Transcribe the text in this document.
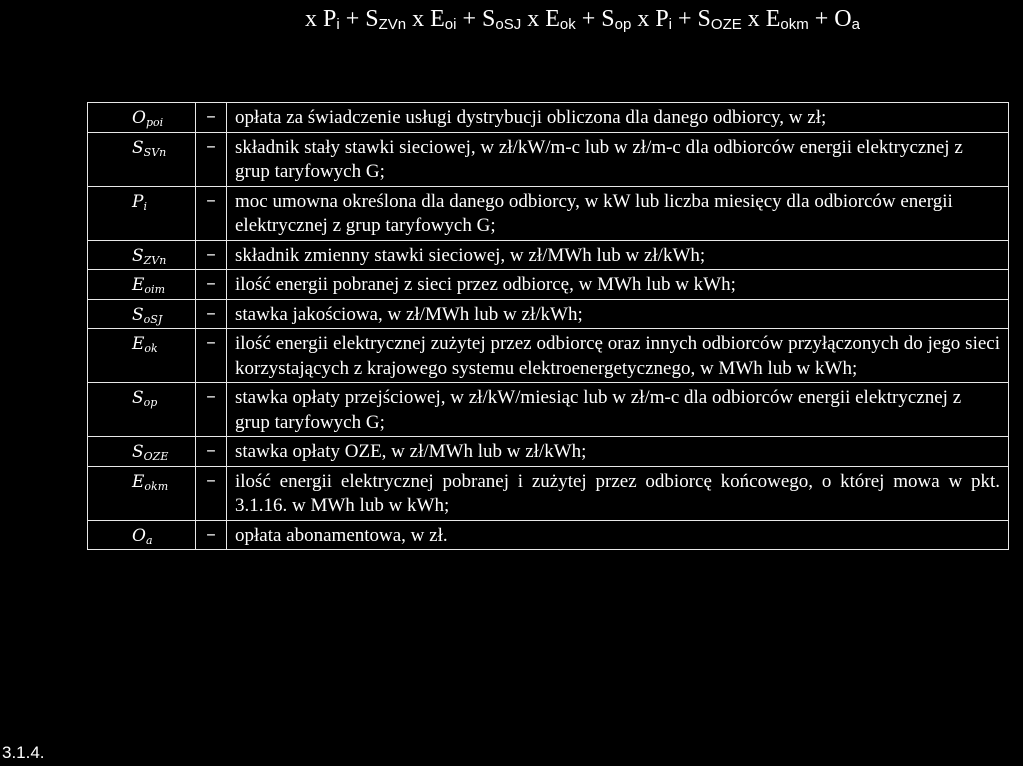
x $P_i + S_{ZVn}$ x $E_{oi} + S_{oSJ}$ x $E_{ok} + S_{op}$ x $P_i + S_{OZE}$ x $E_{okm} + O_a$
$O_{poi}$	–	opłata za świadczenie usługi dystrybucji obliczona dla danego odbiorcy, w zł;
$S_{SVn}$	–	składnik stały stawki sieciowej, w zł/kW/m-c lub w zł/m-c dla odbiorców energii elektrycznej z grup taryfowych G;
$P_i$	–	moc umowna określona dla danego odbiorcy, w kW lub liczba miesięcy dla odbiorców energii elektrycznej z grup taryfowych G;
$S_{ZVn}$	–	składnik zmienny stawki sieciowej, w zł/MWh lub w zł/kWh;
$E_{oim}$	–	ilość energii pobranej z sieci przez odbiorcę, w MWh lub w kWh;
$S_{oSJ}$	–	stawka jakościowa, w zł/MWh lub w zł/kWh;
$E_{ok}$	–	ilość energii elektrycznej zużytej przez odbiorcę oraz innych odbiorców przyłączonych do jego sieci korzystających z krajowego systemu elektroenergetycznego, w MWh lub w kWh;
$S_{op}$	–	stawka opłaty przejściowej, w zł/kW/miesiąc lub w zł/m-c dla odbiorców energii elektrycznej z grup taryfowych G;
$S_{OZE}$	–	stawka opłaty OZE, w zł/MWh lub w zł/kWh;
$E_{okm}$	–	ilość energii elektrycznej pobranej i zużytej przez odbiorcę końcowego, o której mowa w pkt. 3.1.16. w MWh lub w kWh;
$O_a$	–	opłata abonamentowa, w zł.
3.1.4.
